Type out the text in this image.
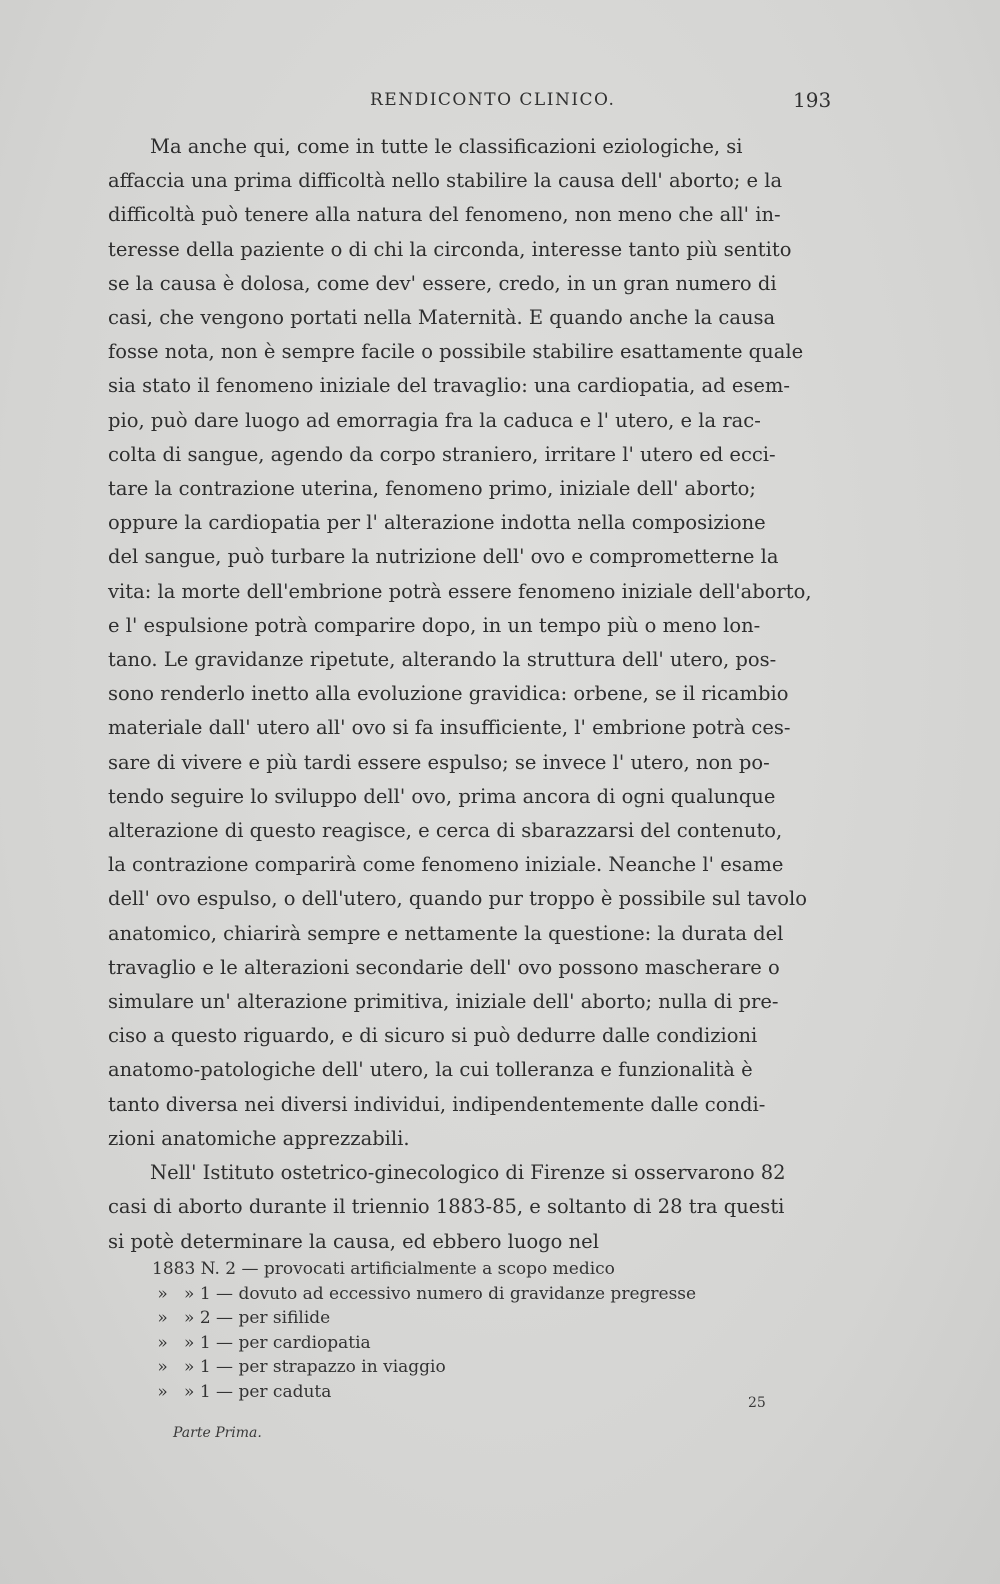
RENDICONTO CLINICO.	193
Ma anche qui, come in tutte le classificazioni eziologiche, si
affaccia una prima difficoltà nello stabilire la causa dell' aborto; e la
difficoltà può tenere alla natura del fenomeno, non meno che all' in-
teresse della paziente o di chi la circonda, interesse tanto più sentito
se la causa è dolosa, come dev' essere, credo, in un gran numero di
casi, che vengono portati nella Maternità. E quando anche la causa
fosse nota, non è sempre facile o possibile stabilire esattamente quale
sia stato il fenomeno iniziale del travaglio: una cardiopatia, ad esem-
pio, può dare luogo ad emorragia fra la caduca e l' utero, e la rac-
colta di sangue, agendo da corpo straniero, irritare l' utero ed ecci-
tare la contrazione uterina, fenomeno primo, iniziale dell' aborto;
oppure la cardiopatia per l' alterazione indotta nella composizione
del sangue, può turbare la nutrizione dell' ovo e comprometterne la
vita: la morte dell'embrione potrà essere fenomeno iniziale dell'aborto,
e l' espulsione potrà comparire dopo, in un tempo più o meno lon-
tano. Le gravidanze ripetute, alterando la struttura dell' utero, pos-
sono renderlo inetto alla evoluzione gravidica: orbene, se il ricambio
materiale dall' utero all' ovo si fa insufficiente, l' embrione potrà ces-
sare di vivere e più tardi essere espulso; se invece l' utero, non po-
tendo seguire lo sviluppo dell' ovo, prima ancora di ogni qualunque
alterazione di questo reagisce, e cerca di sbarazzarsi del contenuto,
la contrazione comparirà come fenomeno iniziale. Neanche l' esame
dell' ovo espulso, o dell'utero, quando pur troppo è possibile sul tavolo
anatomico, chiarirà sempre e nettamente la questione: la durata del
travaglio e le alterazioni secondarie dell' ovo possono mascherare o
simulare un' alterazione primitiva, iniziale dell' aborto; nulla di pre-
ciso a questo riguardo, e di sicuro si può dedurre dalle condizioni
anatomo-patologiche dell' utero, la cui tolleranza e funzionalità è
tanto diversa nei diversi individui, indipendentemente dalle condi-
zioni anatomiche apprezzabili.
Nell' Istituto ostetrico-ginecologico di Firenze si osservarono 82
casi di aborto durante il triennio 1883-85, e soltanto di 28 tra questi
si potè determinare la causa, ed ebbero luogo nel
1883 N. 2 — provocati artificialmente a scopo medico
»   » 1 — dovuto ad eccessivo numero di gravidanze pregresse
»   » 2 — per sifilide
»   » 1 — per cardiopatia
»   » 1 — per strapazzo in viaggio
»   » 1 — per caduta
Parte Prima.
25
